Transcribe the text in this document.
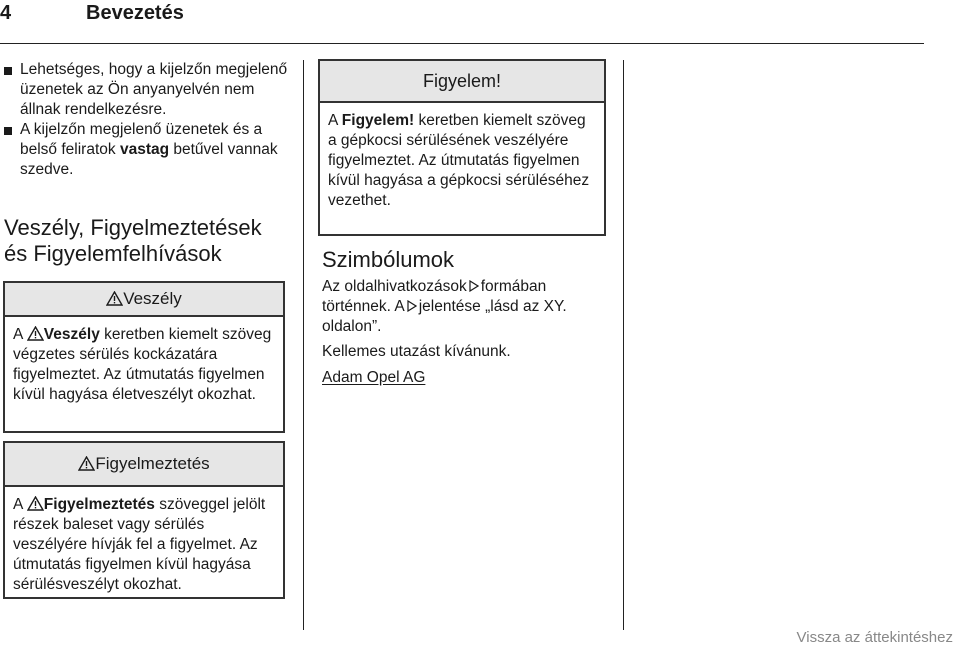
4	Bevezetés
Lehetséges, hogy a kijelzőn megjelenő üzenetek az Ön anyanyelvén nem állnak rendelkezésre.
A kijelzőn megjelenő üzenetek és a belső feliratok vastag betűvel vannak szedve.
Veszély, Figyelmeztetések
és Figyelemfelhívások
Veszély
A Veszély keretben kiemelt szöveg végzetes sérülés kockázatára figyelmeztet. Az útmutatás figyelmen kívül hagyása életveszélyt okozhat.
Figyelmeztetés
A Figyelmeztetés szöveggel jelölt részek baleset vagy sérülés veszélyére hívják fel a figyelmet. Az útmutatás figyelmen kívül hagyása sérülésveszélyt okozhat.
Figyelem!
A Figyelem! keretben kiemelt szöveg a gépkocsi sérülésének veszélyére figyelmeztet. Az útmutatás figyelmen kívül hagyása a gépkocsi sérüléséhez vezethet.
Szimbólumok
Az oldalhivatkozások formában
történnek. A jelentése „lásd az XY.
oldalon”.
Kellemes utazást kívánunk.
Adam Opel AG
Vissza az áttekintéshez
